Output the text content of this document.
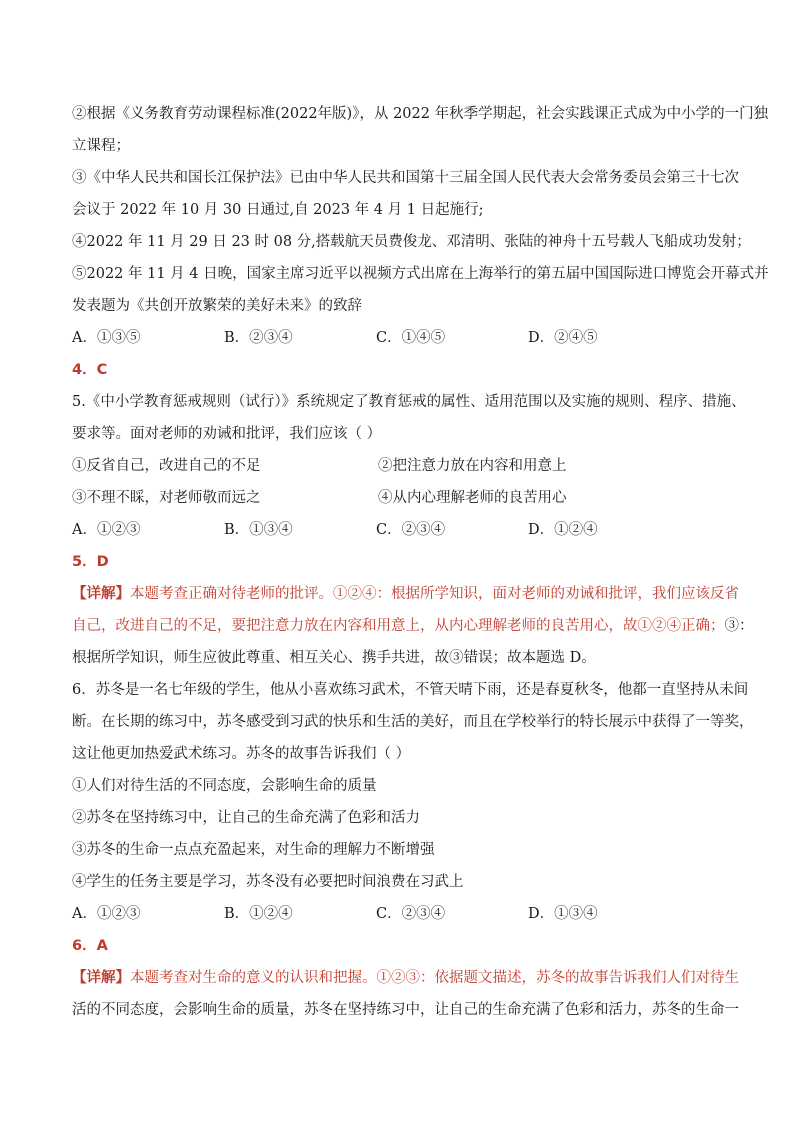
②根据《义务教育劳动课程标准(2022年版)》，从 2022 年秋季学期起，社会实践课正式成为中小学的一门独
立课程；
③《中华人民共和国长江保护法》已由中华人民共和国第十三届全国人民代表大会常务委员会第三十七次
会议于 2022 年 10 月 30 日通过,自 2023 年 4 月 1 日起施行;
④2022 年 11 月 29 日 23 时 08 分,搭载航天员费俊龙、邓清明、张陆的神舟十五号载人飞船成功发射；
⑤2022 年 11 月 4 日晚，国家主席习近平以视频方式出席在上海举行的第五届中国国际进口博览会开幕式并
发表题为《共创开放繁荣的美好未来》的致辞
A．①③⑤	B．②③④	C．①④⑤	D．②④⑤
4．C
5.《中小学教育惩戒规则（试行）》系统规定了教育惩戒的属性、适用范围以及实施的规则、程序、措施、
要求等。面对老师的劝诫和批评，我们应该（ ）
①反省自己，改进自己的不足	②把注意力放在内容和用意上
③不理不睬，对老师敬而远之	④从内心理解老师的良苦用心
A．①②③	B．①③④	C．②③④	D．①②④
5．D
【详解】本题考查正确对待老师的批评。①②④：根据所学知识，面对老师的劝诫和批评，我们应该反省
自己，改进自己的不足，要把注意力放在内容和用意上，从内心理解老师的良苦用心，故①②④正确；③：
根据所学知识，师生应彼此尊重、相互关心、携手共进，故③错误；故本题选 D。
6．苏冬是一名七年级的学生，他从小喜欢练习武术，不管天晴下雨，还是春夏秋冬，他都一直坚持从未间
断。在长期的练习中，苏冬感受到习武的快乐和生活的美好，而且在学校举行的特长展示中获得了一等奖，
这让他更加热爱武术练习。苏冬的故事告诉我们（ ）
①人们对待生活的不同态度，会影响生命的质量
②苏冬在坚持练习中，让自己的生命充满了色彩和活力
③苏冬的生命一点点充盈起来，对生命的理解力不断增强
④学生的任务主要是学习，苏冬没有必要把时间浪费在习武上
A．①②③	B．①②④	C．②③④	D．①③④
6．A
【详解】本题考查对生命的意义的认识和把握。①②③：依据题文描述，苏冬的故事告诉我们人们对待生
活的不同态度，会影响生命的质量，苏冬在坚持练习中，让自己的生命充满了色彩和活力，苏冬的生命一
